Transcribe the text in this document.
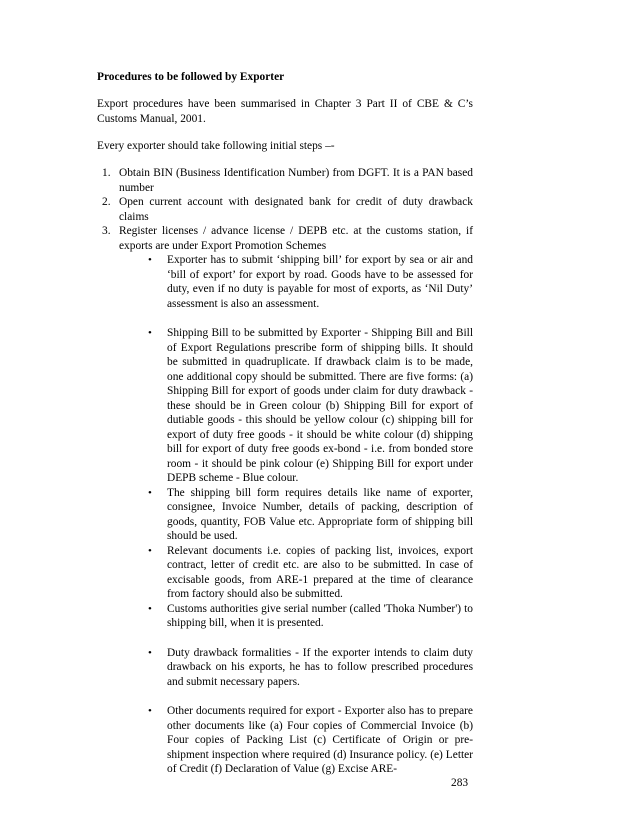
Procedures to be followed by Exporter

Export procedures have been summarised in Chapter 3 Part II of CBE & C’s Customs Manual, 2001.

Every exporter should take following initial steps –-

1. Obtain BIN (Business Identification Number) from DGFT. It is a PAN based number
2. Open current account with designated bank for credit of duty drawback claims
3. Register licenses / advance license / DEPB etc. at the customs station, if exports are under Export Promotion Schemes
• Exporter has to submit ‘shipping bill’ for export by sea or air and ‘bill of export’ for export by road. Goods have to be assessed for duty, even if no duty is payable for most of exports, as ‘Nil Duty’ assessment is also an assessment.
• Shipping Bill to be submitted by Exporter - Shipping Bill and Bill of Export Regulations prescribe form of shipping bills. It should be submitted in quadruplicate. If drawback claim is to be made, one additional copy should be submitted. There are five forms: (a) Shipping Bill for export of goods under claim for duty drawback - these should be in Green colour (b) Shipping Bill for export of dutiable goods - this should be yellow colour (c) shipping bill for export of duty free goods - it should be white colour (d) shipping bill for export of duty free goods ex-bond - i.e. from bonded store room - it should be pink colour (e) Shipping Bill for export under DEPB scheme - Blue colour.
• The shipping bill form requires details like name of exporter, consignee, Invoice Number, details of packing, description of goods, quantity, FOB Value etc. Appropriate form of shipping bill should be used.
• Relevant documents i.e. copies of packing list, invoices, export contract, letter of credit etc. are also to be submitted. In case of excisable goods, from ARE-1 prepared at the time of clearance from factory should also be submitted.
• Customs authorities give serial number (called 'Thoka Number') to shipping bill, when it is presented.
• Duty drawback formalities - If the exporter intends to claim duty drawback on his exports, he has to follow prescribed procedures and submit necessary papers.
• Other documents required for export - Exporter also has to prepare other documents like (a) Four copies of Commercial Invoice (b) Four copies of Packing List (c) Certificate of Origin or pre-shipment inspection where required (d) Insurance policy. (e) Letter of Credit (f) Declaration of Value (g) Excise ARE-
283
